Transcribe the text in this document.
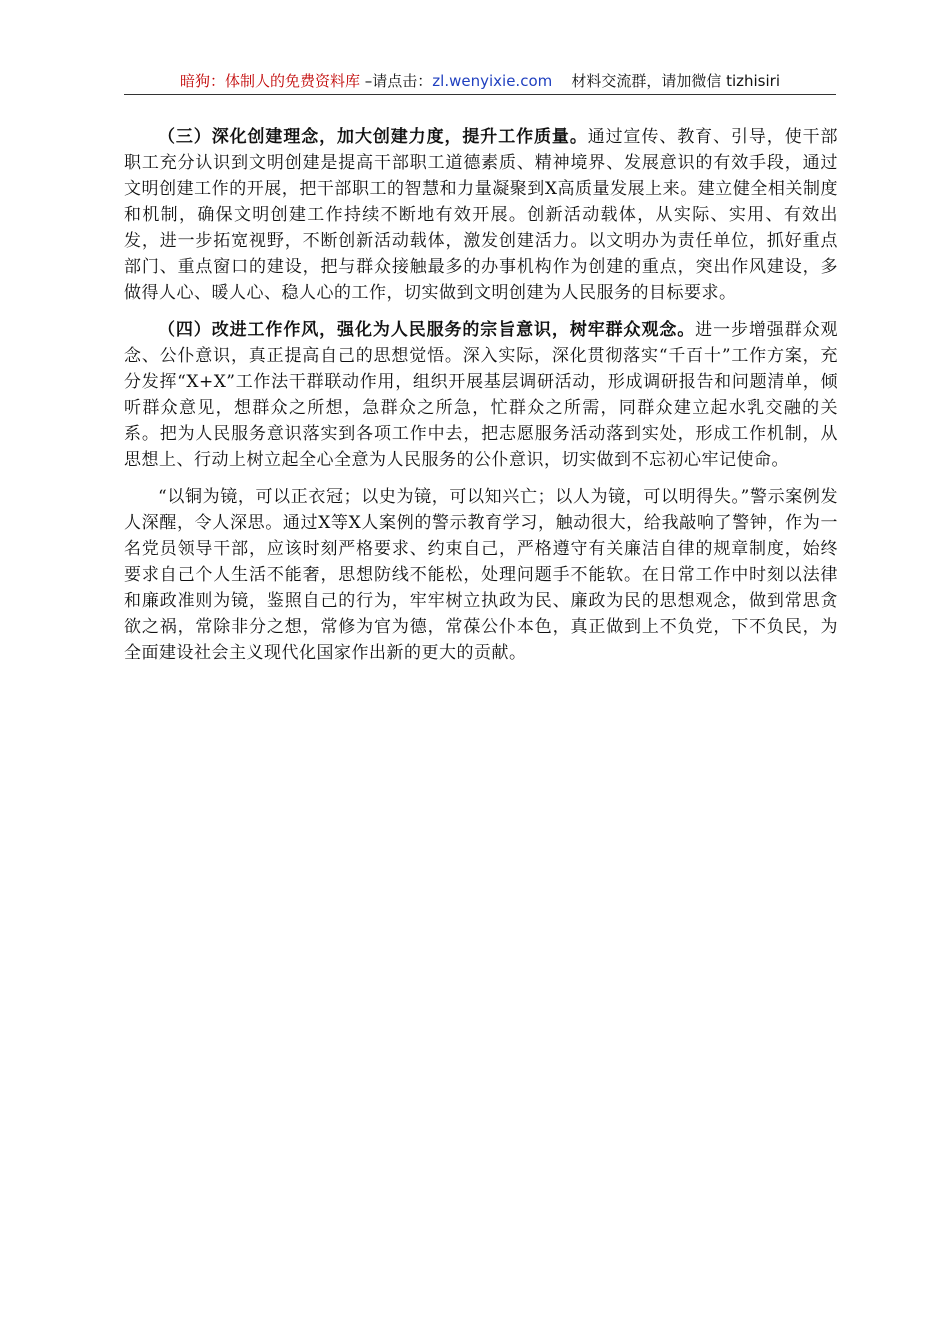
暗狗：体制人的免费资料库 –请点击：zl.wenyixie.com 材料交流群，请加微信 tizhisiri

（三）深化创建理念，加大创建力度，提升工作质量。通过宣传、教育、引导，使干部职工充分认识到文明创建是提高干部职工道德素质、精神境界、发展意识的有效手段，通过文明创建工作的开展，把干部职工的智慧和力量凝聚到X高质量发展上来。建立健全相关制度和机制，确保文明创建工作持续不断地有效开展。创新活动载体，从实际、实用、有效出发，进一步拓宽视野，不断创新活动载体，激发创建活力。以文明办为责任单位，抓好重点部门、重点窗口的建设，把与群众接触最多的办事机构作为创建的重点，突出作风建设，多做得人心、暖人心、稳人心的工作，切实做到文明创建为人民服务的目标要求。

（四）改进工作作风，强化为人民服务的宗旨意识，树牢群众观念。进一步增强群众观念、公仆意识，真正提高自己的思想觉悟。深入实际，深化贯彻落实“千百十”工作方案，充分发挥“X+X”工作法干群联动作用，组织开展基层调研活动，形成调研报告和问题清单，倾听群众意见，想群众之所想，急群众之所急，忙群众之所需，同群众建立起水乳交融的关系。把为人民服务意识落实到各项工作中去，把志愿服务活动落到实处，形成工作机制，从思想上、行动上树立起全心全意为人民服务的公仆意识，切实做到不忘初心牢记使命。

“以铜为镜，可以正衣冠；以史为镜，可以知兴亡；以人为镜，可以明得失。”警示案例发人深醒，令人深思。通过X等X人案例的警示教育学习，触动很大，给我敲响了警钟，作为一名党员领导干部，应该时刻严格要求、约束自己，严格遵守有关廉洁自律的规章制度，始终要求自己个人生活不能奢，思想防线不能松，处理问题手不能软。在日常工作中时刻以法律和廉政准则为镜，鉴照自己的行为，牢牢树立执政为民、廉政为民的思想观念，做到常思贪欲之祸，常除非分之想，常修为官为德，常葆公仆本色，真正做到上不负党，下不负民，为全面建设社会主义现代化国家作出新的更大的贡献。
